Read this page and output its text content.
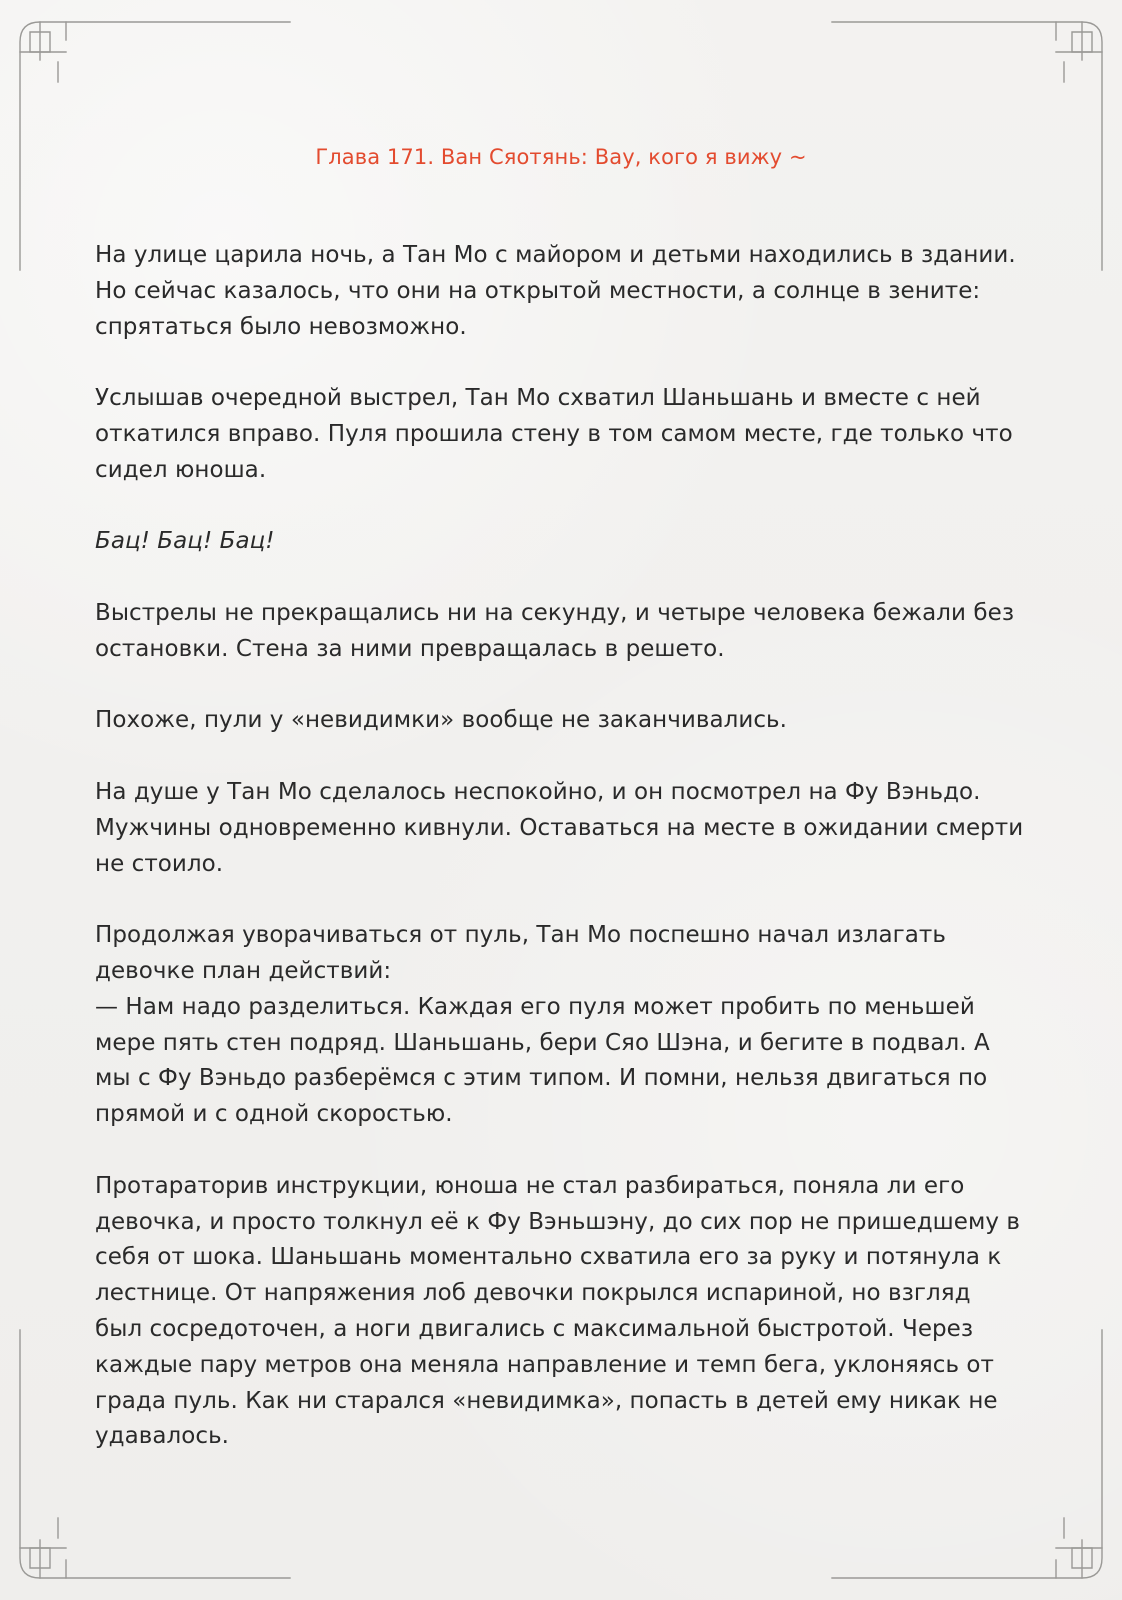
Глава 171. Ван Сяотянь: Вау, кого я вижу ~

На улице царила ночь, а Тан Мо с майором и детьми находились в здании. Но сейчас казалось, что они на открытой местности, а солнце в зените: спрятаться было невозможно.

Услышав очередной выстрел, Тан Мо схватил Шаньшань и вместе с ней откатился вправо. Пуля прошила стену в том самом месте, где только что сидел юноша.

Бац! Бац! Бац!

Выстрелы не прекращались ни на секунду, и четыре человека бежали без остановки. Стена за ними превращалась в решето.

Похоже, пули у «невидимки» вообще не заканчивались.

На душе у Тан Мо сделалось неспокойно, и он посмотрел на Фу Вэньдо. Мужчины одновременно кивнули. Оставаться на месте в ожидании смерти не стоило.

Продолжая уворачиваться от пуль, Тан Мо поспешно начал излагать девочке план действий:

— Нам надо разделиться. Каждая его пуля может пробить по меньшей мере пять стен подряд. Шаньшань, бери Сяо Шэна, и бегите в подвал. А мы с Фу Вэньдо разберёмся с этим типом. И помни, нельзя двигаться по прямой и с одной скоростью.

Протараторив инструкции, юноша не стал разбираться, поняла ли его девочка, и просто толкнул её к Фу Вэньшэну, до сих пор не пришедшему в себя от шока. Шаньшань моментально схватила его за руку и потянула к лестнице. От напряжения лоб девочки покрылся испариной, но взгляд был сосредоточен, а ноги двигались с максимальной быстротой. Через каждые пару метров она меняла направление и темп бега, уклоняясь от града пуль. Как ни старался «невидимка», попасть в детей ему никак не удавалось.
